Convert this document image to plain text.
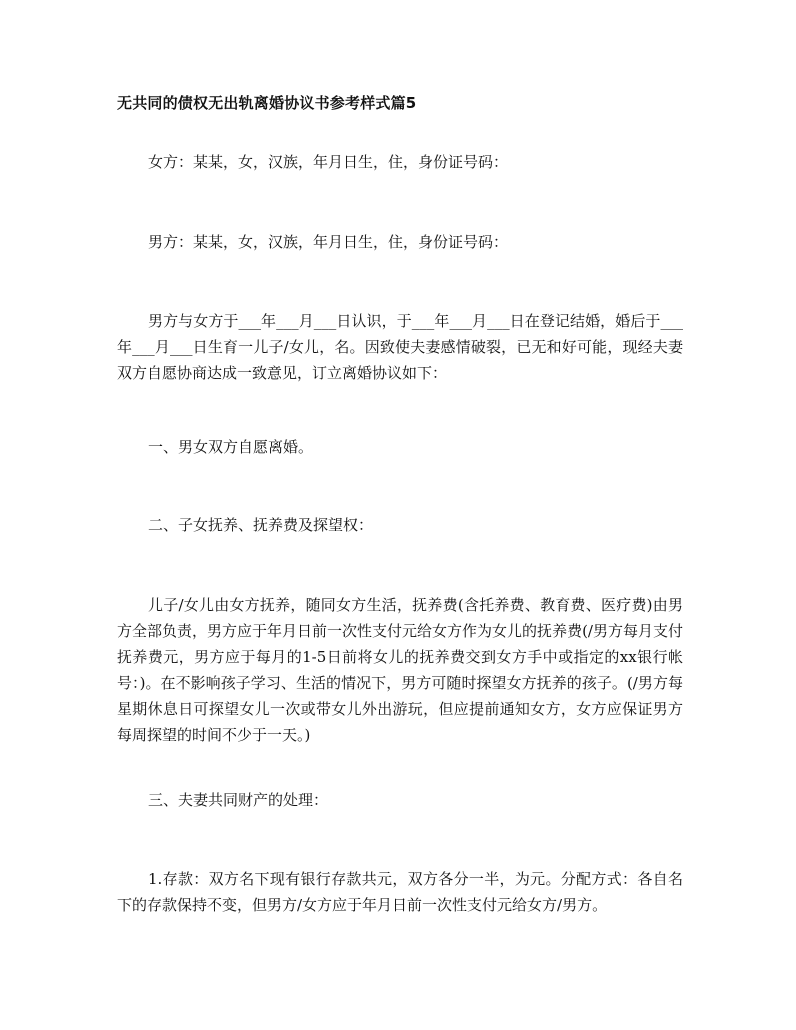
无共同的债权无出轨离婚协议书参考样式篇5

女方：某某，女，汉族，年月日生，住，身份证号码：

男方：某某，女，汉族，年月日生，住，身份证号码：

男方与女方于___年___月___日认识，于___年___月___日在登记结婚，婚后于___年___月___日生育一儿子/女儿，名。因致使夫妻感情破裂，已无和好可能，现经夫妻双方自愿协商达成一致意见，订立离婚协议如下：

一、男女双方自愿离婚。

二、子女抚养、抚养费及探望权：

儿子/女儿由女方抚养，随同女方生活，抚养费(含托养费、教育费、医疗费)由男方全部负责，男方应于年月日前一次性支付元给女方作为女儿的抚养费(/男方每月支付抚养费元，男方应于每月的1-5日前将女儿的抚养费交到女方手中或指定的xx银行帐号：)。在不影响孩子学习、生活的情况下，男方可随时探望女方抚养的孩子。(/男方每星期休息日可探望女儿一次或带女儿外出游玩，但应提前通知女方，女方应保证男方每周探望的时间不少于一天。)

三、夫妻共同财产的处理：

1.存款：双方名下现有银行存款共元，双方各分一半，为元。分配方式：各自名下的存款保持不变，但男方/女方应于年月日前一次性支付元给女方/男方。
